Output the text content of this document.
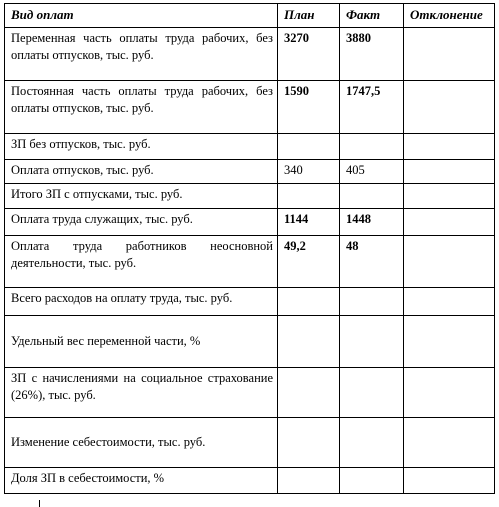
Вид оплат	План	Факт	Отклонение
Переменная часть оплаты труда рабочих, без оплаты отпусков, тыс. руб.	3270	3880	
Постоянная часть оплаты труда рабочих, без оплаты отпусков, тыс. руб.	1590	1747,5	
ЗП без отпусков, тыс. руб.			
Оплата отпусков, тыс. руб.	340	405	
Итого ЗП с отпусками, тыс. руб.			
Оплата труда служащих, тыс. руб.	1144	1448	
Оплата труда работников неосновной деятельности, тыс. руб.	49,2	48	
Всего расходов на оплату труда, тыс. руб.			
Удельный вес переменной части, %			
ЗП с начислениями на социальное страхование (26%), тыс. руб.			
Изменение себестоимости, тыс. руб.			
Доля ЗП в себестоимости, %			
